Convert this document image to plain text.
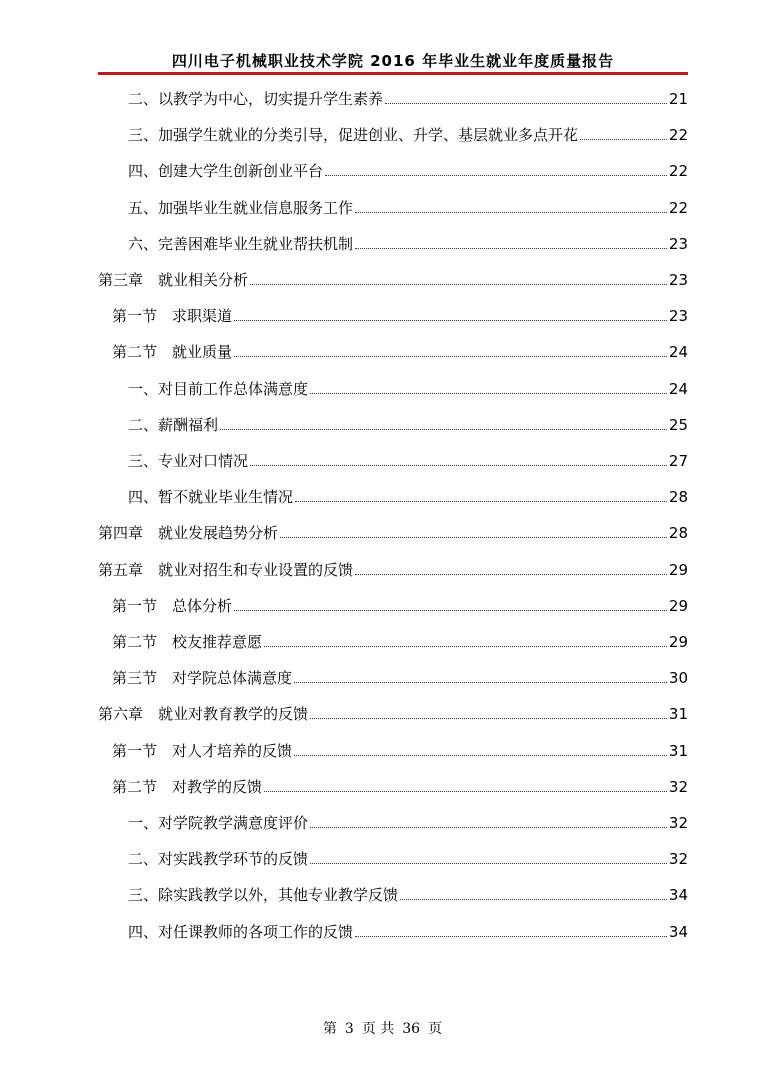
四川电子机械职业技术学院 2016 年毕业生就业年度质量报告
二、以教学为中心，切实提升学生素养	21
三、加强学生就业的分类引导，促进创业、升学、基层就业多点开花	22
四、创建大学生创新创业平台	22
五、加强毕业生就业信息服务工作	22
六、完善困难毕业生就业帮扶机制	23
第三章　就业相关分析	23
第一节　求职渠道	23
第二节　就业质量	24
一、对目前工作总体满意度	24
二、薪酬福利	25
三、专业对口情况	27
四、暂不就业毕业生情况	28
第四章　就业发展趋势分析	28
第五章　就业对招生和专业设置的反馈	29
第一节　总体分析	29
第二节　校友推荐意愿	29
第三节　对学院总体满意度	30
第六章　就业对教育教学的反馈	31
第一节　对人才培养的反馈	31
第二节　对教学的反馈	32
一、对学院教学满意度评价	32
二、对实践教学环节的反馈	32
三、除实践教学以外，其他专业教学反馈	34
四、对任课教师的各项工作的反馈	34
第 3 页 共 36 页
